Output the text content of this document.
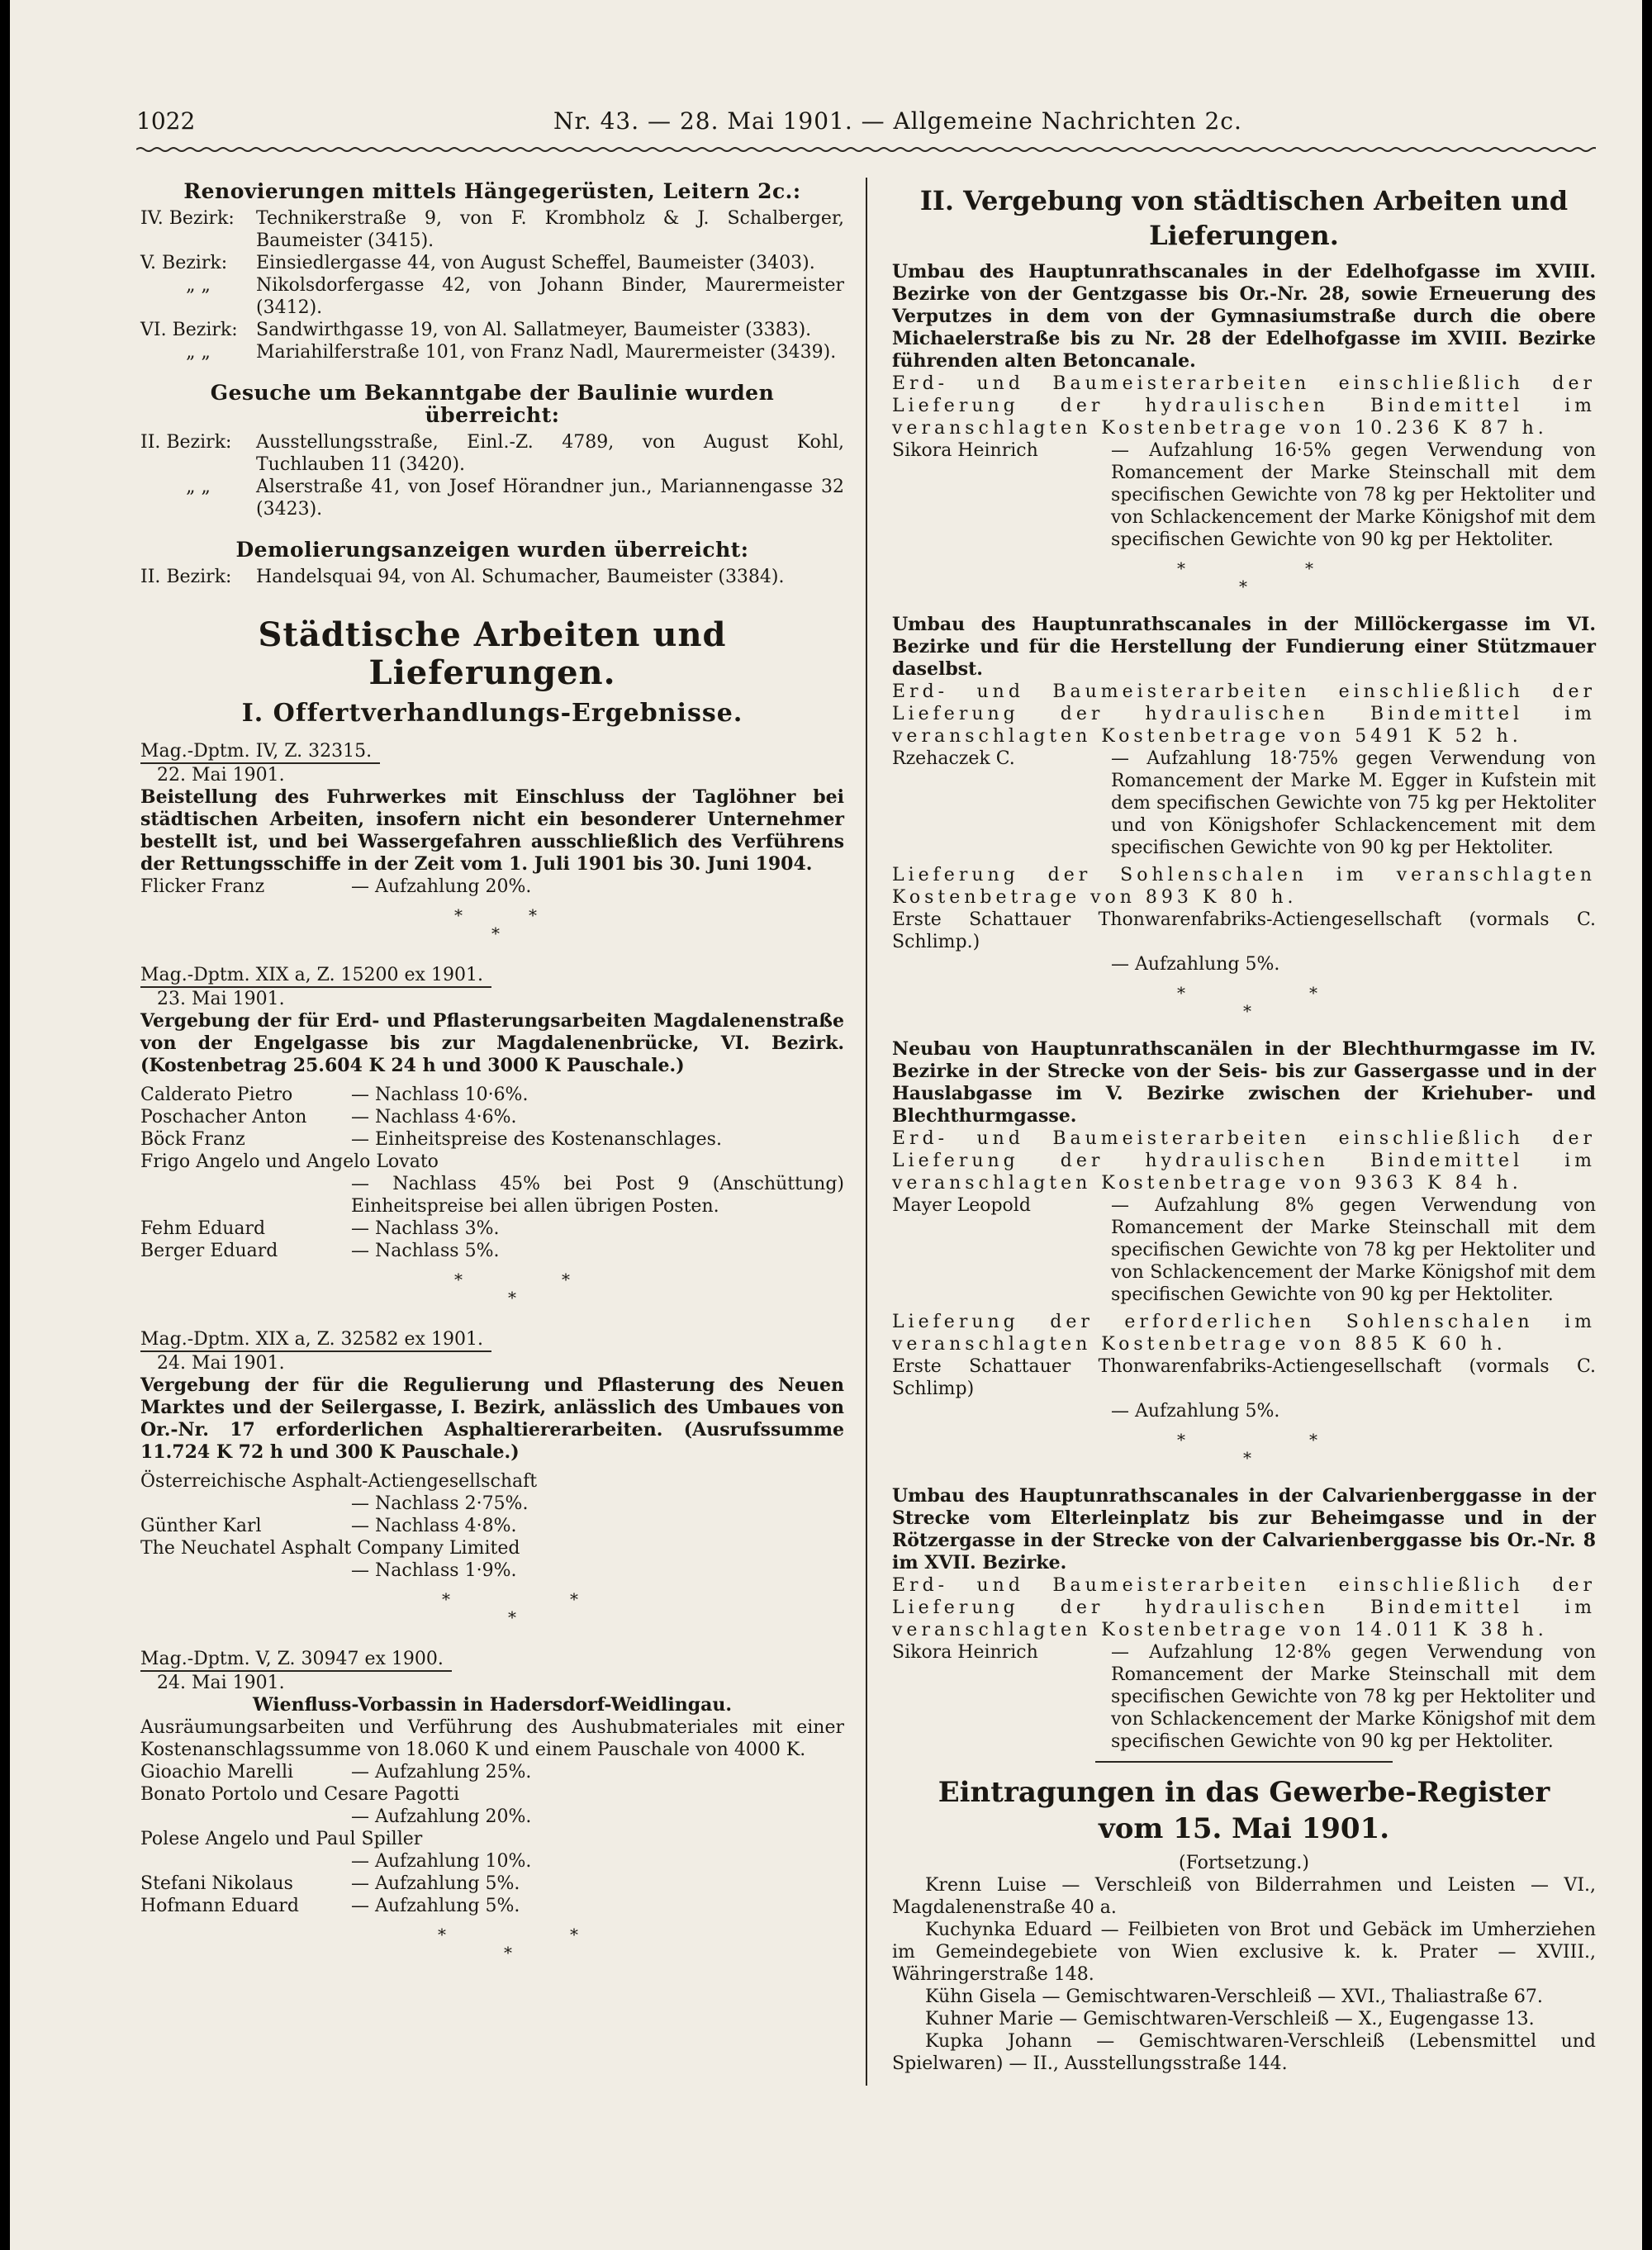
1022	Nr. 43. — 28. Mai 1901. — Allgemeine Nachrichten 2c.
Renovierungen mittels Hängegerüsten, Leitern 2c.:
IV. Bezirk:	Technikerstraße 9, von F. Krombholz & J. Schalberger, Baumeister (3415).
V. Bezirk:	Einsiedlergasse 44, von August Scheffel, Baumeister (3403).
„ „	Nikolsdorfergasse 42, von Johann Binder, Maurermeister (3412).
VI. Bezirk:	Sandwirthgasse 19, von Al. Sallatmeyer, Baumeister (3383).
„ „	Mariahilferstraße 101, von Franz Nadl, Maurermeister (3439).
Gesuche um Bekanntgabe der Baulinie wurden überreicht:
II. Bezirk:	Ausstellungsstraße, Einl.-Z. 4789, von August Kohl, Tuchlauben 11 (3420).
„ „	Alserstraße 41, von Josef Hörandner jun., Mariannengasse 32 (3423).
Demolierungsanzeigen wurden überreicht:
II. Bezirk:	Handelsquai 94, von Al. Schumacher, Baumeister (3384).
Städtische Arbeiten und Lieferungen.
I. Offertverhandlungs-Ergebnisse.
Mag.-Dptm. IV, Z. 32315.
22. Mai 1901.
Beistellung des Fuhrwerkes mit Einschluss der Taglöhner bei städtischen Arbeiten, insofern nicht ein besonderer Unternehmer bestellt ist, und bei Wassergefahren ausschließlich des Verführens der Rettungsschiffe in der Zeit vom 1. Juli 1901 bis 30. Juni 1904.
Flicker Franz	— Aufzahlung 20%.
*	*
*
Mag.-Dptm. XIX a, Z. 15200 ex 1901.
23. Mai 1901.
Vergebung der für Erd- und Pflasterungsarbeiten Magdalenenstraße von der Engelgasse bis zur Magdalenenbrücke, VI. Bezirk. (Kostenbetrag 25.604 K 24 h und 3000 K Pauschale.)
Calderato Pietro	— Nachlass 10·6%.
Poschacher Anton	— Nachlass 4·6%.
Böck Franz	— Einheitspreise des Kostenanschlages.
Frigo Angelo und Angelo Lovato
— Nachlass 45% bei Post 9 (Anschüttung) Einheitspreise bei allen übrigen Posten.
Fehm Eduard	— Nachlass 3%.
Berger Eduard	— Nachlass 5%.
*	*
*
Mag.-Dptm. XIX a, Z. 32582 ex 1901.
24. Mai 1901.
Vergebung der für die Regulierung und Pflasterung des Neuen Marktes und der Seilergasse, I. Bezirk, anlässlich des Umbaues von Or.-Nr. 17 erforderlichen Asphaltiererarbeiten. (Ausrufssumme 11.724 K 72 h und 300 K Pauschale.)
Österreichische Asphalt-Actiengesellschaft
— Nachlass 2·75%.
Günther Karl	— Nachlass 4·8%.
The Neuchatel Asphalt Company Limited
— Nachlass 1·9%.
*	*
*
Mag.-Dptm. V, Z. 30947 ex 1900.
24. Mai 1901.
Wienfluss-Vorbassin in Hadersdorf-Weidlingau.
Ausräumungsarbeiten und Verführung des Aushubmateriales mit einer Kostenanschlagssumme von 18.060 K und einem Pauschale von 4000 K.
Gioachio Marelli	— Aufzahlung 25%.
Bonato Portolo und Cesare Pagotti
— Aufzahlung 20%.
Polese Angelo und Paul Spiller
— Aufzahlung 10%.
Stefani Nikolaus	— Aufzahlung 5%.
Hofmann Eduard	— Aufzahlung 5%.
*	*
*
II. Vergebung von städtischen Arbeiten und Lieferungen.
Umbau des Hauptunrathscanales in der Edelhofgasse im XVIII. Bezirke von der Gentzgasse bis Or.-Nr. 28, sowie Erneuerung des Verputzes in dem von der Gymnasiumstraße durch die obere Michaelerstraße bis zu Nr. 28 der Edelhofgasse im XVIII. Bezirke führenden alten Betoncanale.
Erd- und Baumeisterarbeiten einschließlich der Lieferung der hydraulischen Bindemittel im veranschlagten Kostenbetrage von 10.236 K 87 h.
Sikora Heinrich	— Aufzahlung 16·5% gegen Verwendung von Romancement der Marke Steinschall mit dem specifischen Gewichte von 78 kg per Hektoliter und von Schlackencement der Marke Königshof mit dem specifischen Gewichte von 90 kg per Hektoliter.
*	*
*
Umbau des Hauptunrathscanales in der Millöckergasse im VI. Bezirke und für die Herstellung der Fundierung einer Stützmauer daselbst.
Erd- und Baumeisterarbeiten einschließlich der Lieferung der hydraulischen Bindemittel im veranschlagten Kostenbetrage von 5491 K 52 h.
Rzehaczek C.	— Aufzahlung 18·75% gegen Verwendung von Romancement der Marke M. Egger in Kufstein mit dem specifischen Gewichte von 75 kg per Hektoliter und von Königshofer Schlackencement mit dem specifischen Gewichte von 90 kg per Hektoliter.
Lieferung der Sohlenschalen im veranschlagten Kostenbetrage von 893 K 80 h.
Erste Schattauer Thonwarenfabriks-Actiengesellschaft (vormals C. Schlimp.)
— Aufzahlung 5%.
*	*
*
Neubau von Hauptunrathscanälen in der Blechthurmgasse im IV. Bezirke in der Strecke von der Seis- bis zur Gassergasse und in der Hauslabgasse im V. Bezirke zwischen der Kriehuber- und Blechthurmgasse.
Erd- und Baumeisterarbeiten einschließlich der Lieferung der hydraulischen Bindemittel im veranschlagten Kostenbetrage von 9363 K 84 h.
Mayer Leopold	— Aufzahlung 8% gegen Verwendung von Romancement der Marke Steinschall mit dem specifischen Gewichte von 78 kg per Hektoliter und von Schlackencement der Marke Königshof mit dem specifischen Gewichte von 90 kg per Hektoliter.
Lieferung der erforderlichen Sohlenschalen im veranschlagten Kostenbetrage von 885 K 60 h.
Erste Schattauer Thonwarenfabriks-Actiengesellschaft (vormals C. Schlimp)
— Aufzahlung 5%.
*	*
*
Umbau des Hauptunrathscanales in der Calvarienberggasse in der Strecke vom Elterleinplatz bis zur Beheimgasse und in der Rötzergasse in der Strecke von der Calvarienberggasse bis Or.-Nr. 8 im XVII. Bezirke.
Erd- und Baumeisterarbeiten einschließlich der Lieferung der hydraulischen Bindemittel im veranschlagten Kostenbetrage von 14.011 K 38 h.
Sikora Heinrich	— Aufzahlung 12·8% gegen Verwendung von Romancement der Marke Steinschall mit dem specifischen Gewichte von 78 kg per Hektoliter und von Schlackencement der Marke Königshof mit dem specifischen Gewichte von 90 kg per Hektoliter.
Eintragungen in das Gewerbe-Register
vom 15. Mai 1901.
(Fortsetzung.)
Krenn Luise — Verschleiß von Bilderrahmen und Leisten — VI., Magdalenenstraße 40 a.
Kuchynka Eduard — Feilbieten von Brot und Gebäck im Umherziehen im Gemeindegebiete von Wien exclusive k. k. Prater — XVIII., Währingerstraße 148.
Kühn Gisela — Gemischtwaren-Verschleiß — XVI., Thaliastraße 67.
Kuhner Marie — Gemischtwaren-Verschleiß — X., Eugengasse 13.
Kupka Johann — Gemischtwaren-Verschleiß (Lebensmittel und Spielwaren) — II., Ausstellungsstraße 144.
